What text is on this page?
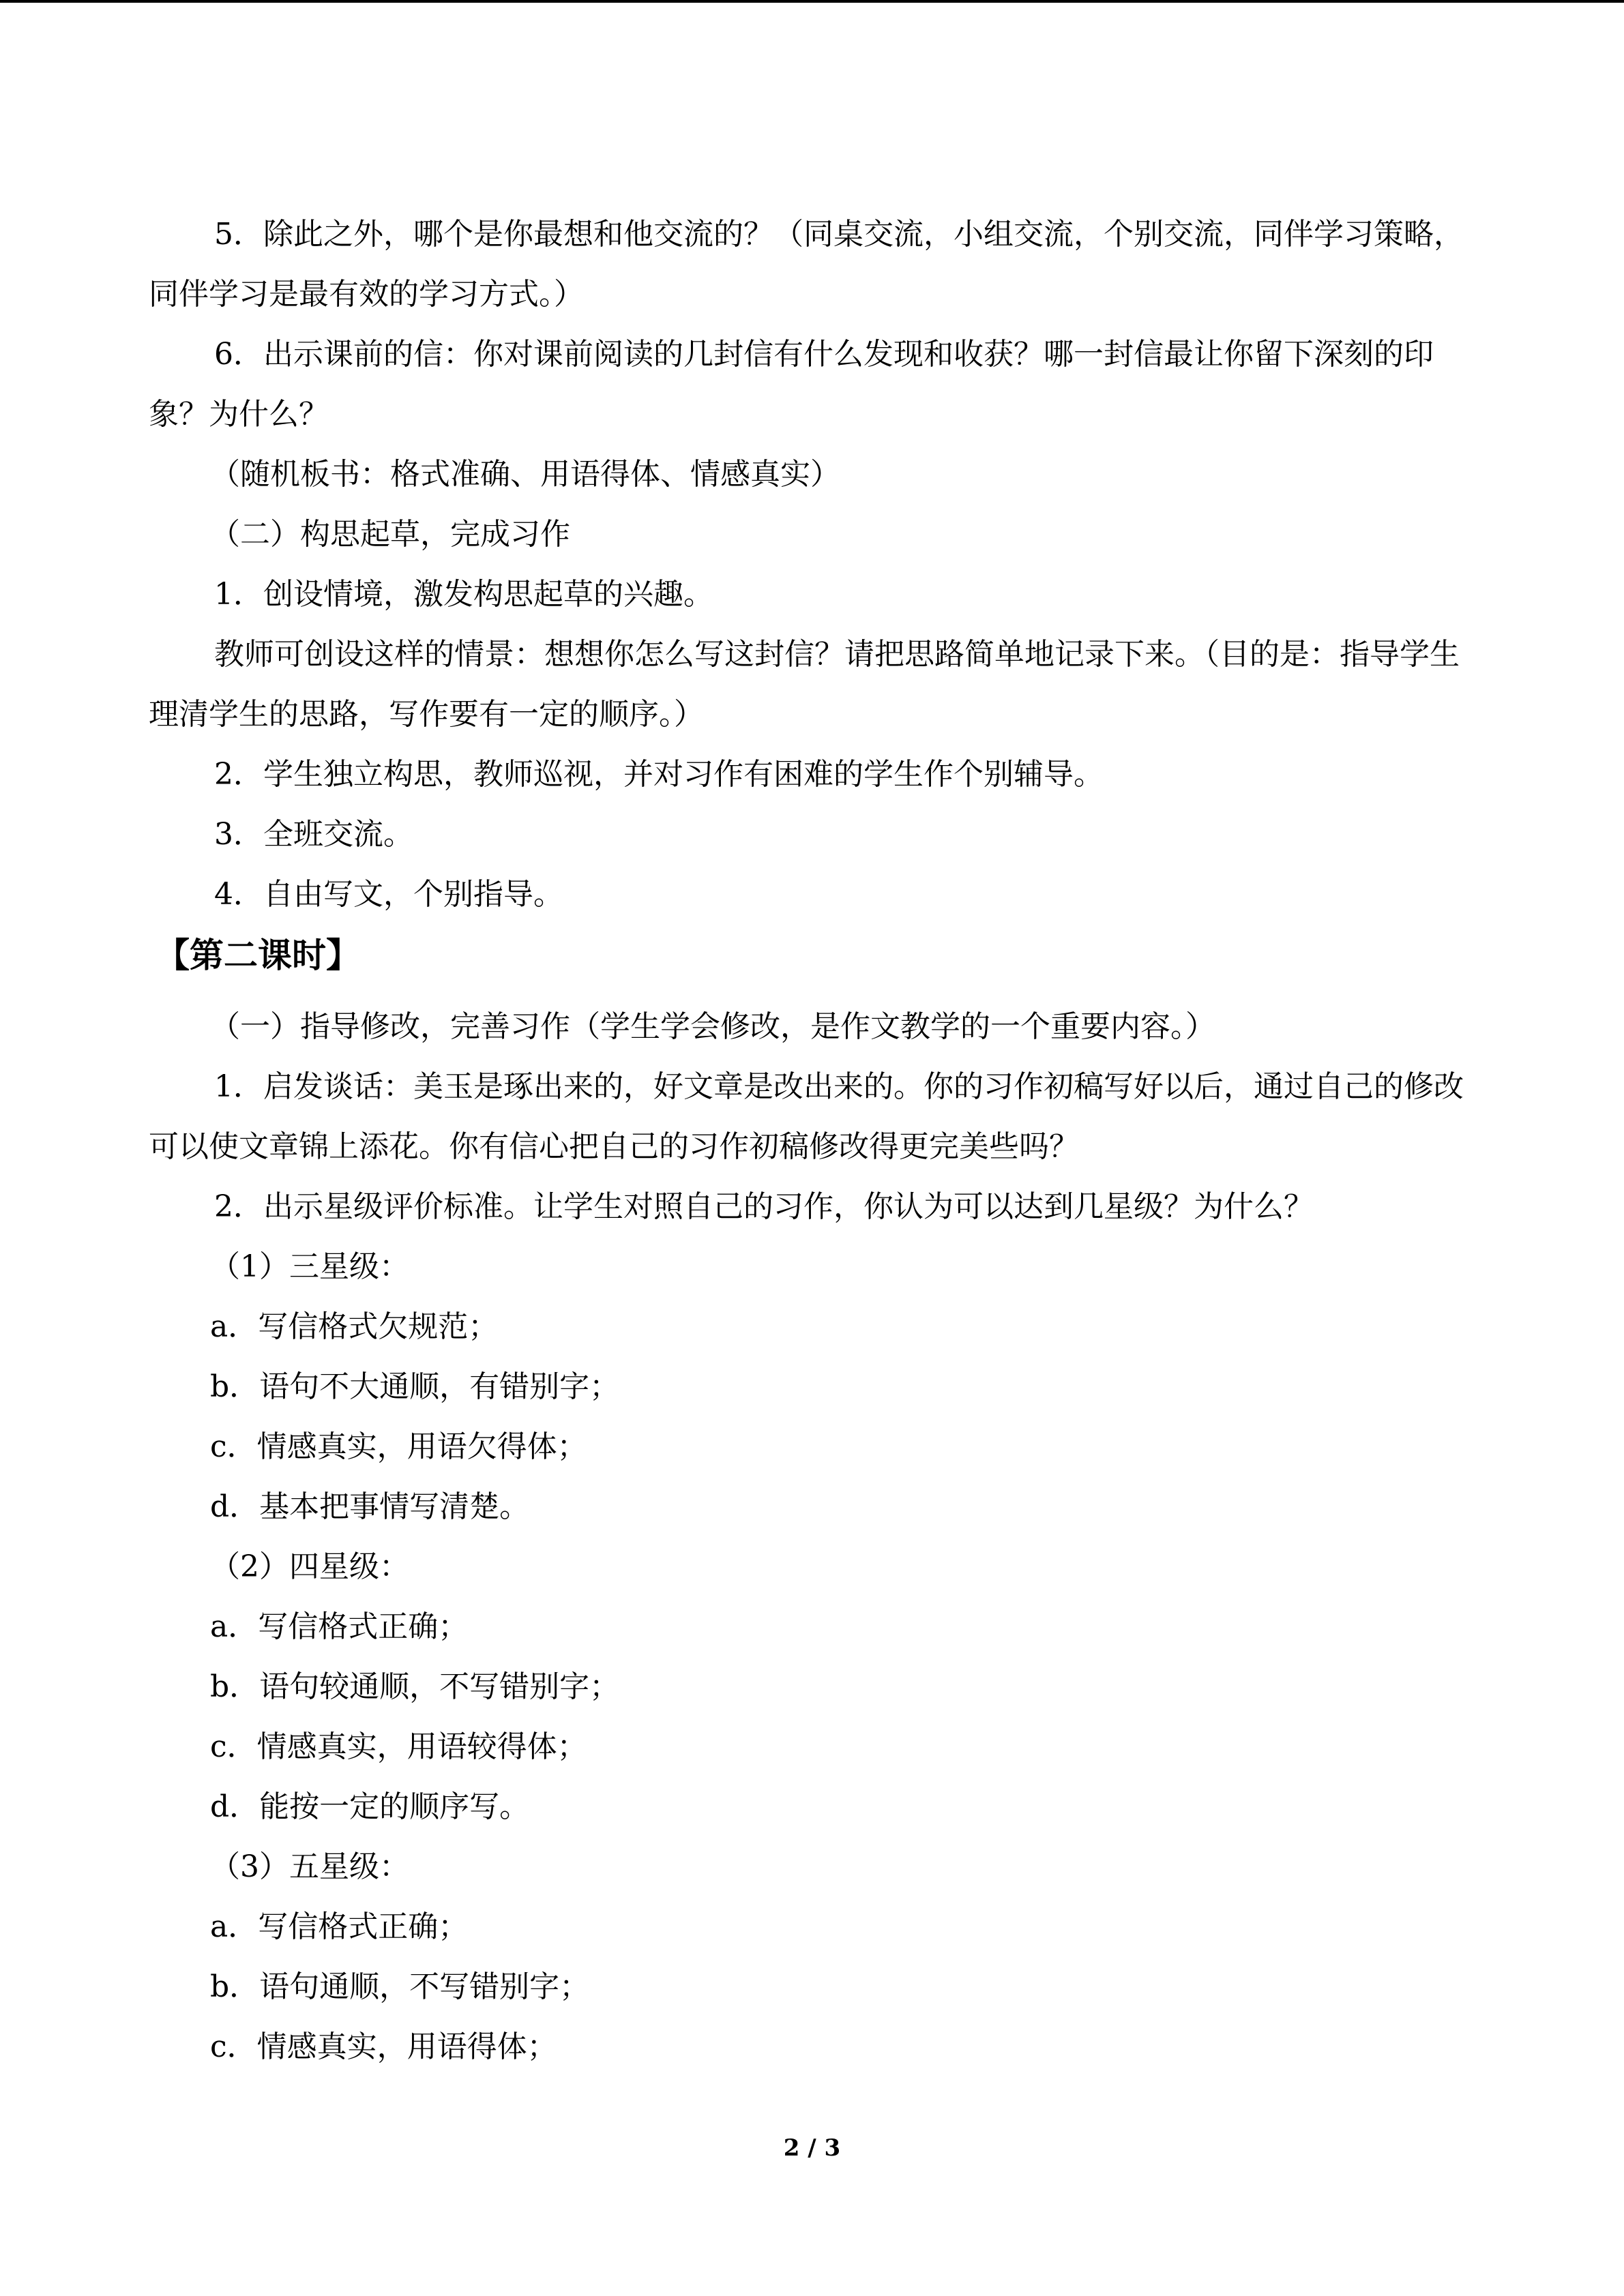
5．除此之外，哪个是你最想和他交流的？（同桌交流，小组交流，个别交流，同伴学习策略，同伴学习是最有效的学习方式。）

6．出示课前的信：你对课前阅读的几封信有什么发现和收获？哪一封信最让你留下深刻的印象？为什么？

（随机板书：格式准确、用语得体、情感真实）

（二）构思起草，完成习作

1．创设情境，激发构思起草的兴趣。

教师可创设这样的情景：想想你怎么写这封信？请把思路简单地记录下来。（目的是：指导学生理清学生的思路，写作要有一定的顺序。）

2．学生独立构思，教师巡视，并对习作有困难的学生作个别辅导。

3．全班交流。

4．自由写文，个别指导。

【第二课时】

（一）指导修改，完善习作（学生学会修改，是作文教学的一个重要内容。）

1．启发谈话：美玉是琢出来的，好文章是改出来的。你的习作初稿写好以后，通过自己的修改可以使文章锦上添花。你有信心把自己的习作初稿修改得更完美些吗？

2．出示星级评价标准。让学生对照自己的习作，你认为可以达到几星级？为什么？

（1）三星级：

a．写信格式欠规范；

b．语句不大通顺，有错别字；

c．情感真实，用语欠得体；

d．基本把事情写清楚。

（2）四星级：

a．写信格式正确；

b．语句较通顺，不写错别字；

c．情感真实，用语较得体；

d．能按一定的顺序写。

（3）五星级：

a．写信格式正确；

b．语句通顺，不写错别字；

c．情感真实，用语得体；

2 / 3
